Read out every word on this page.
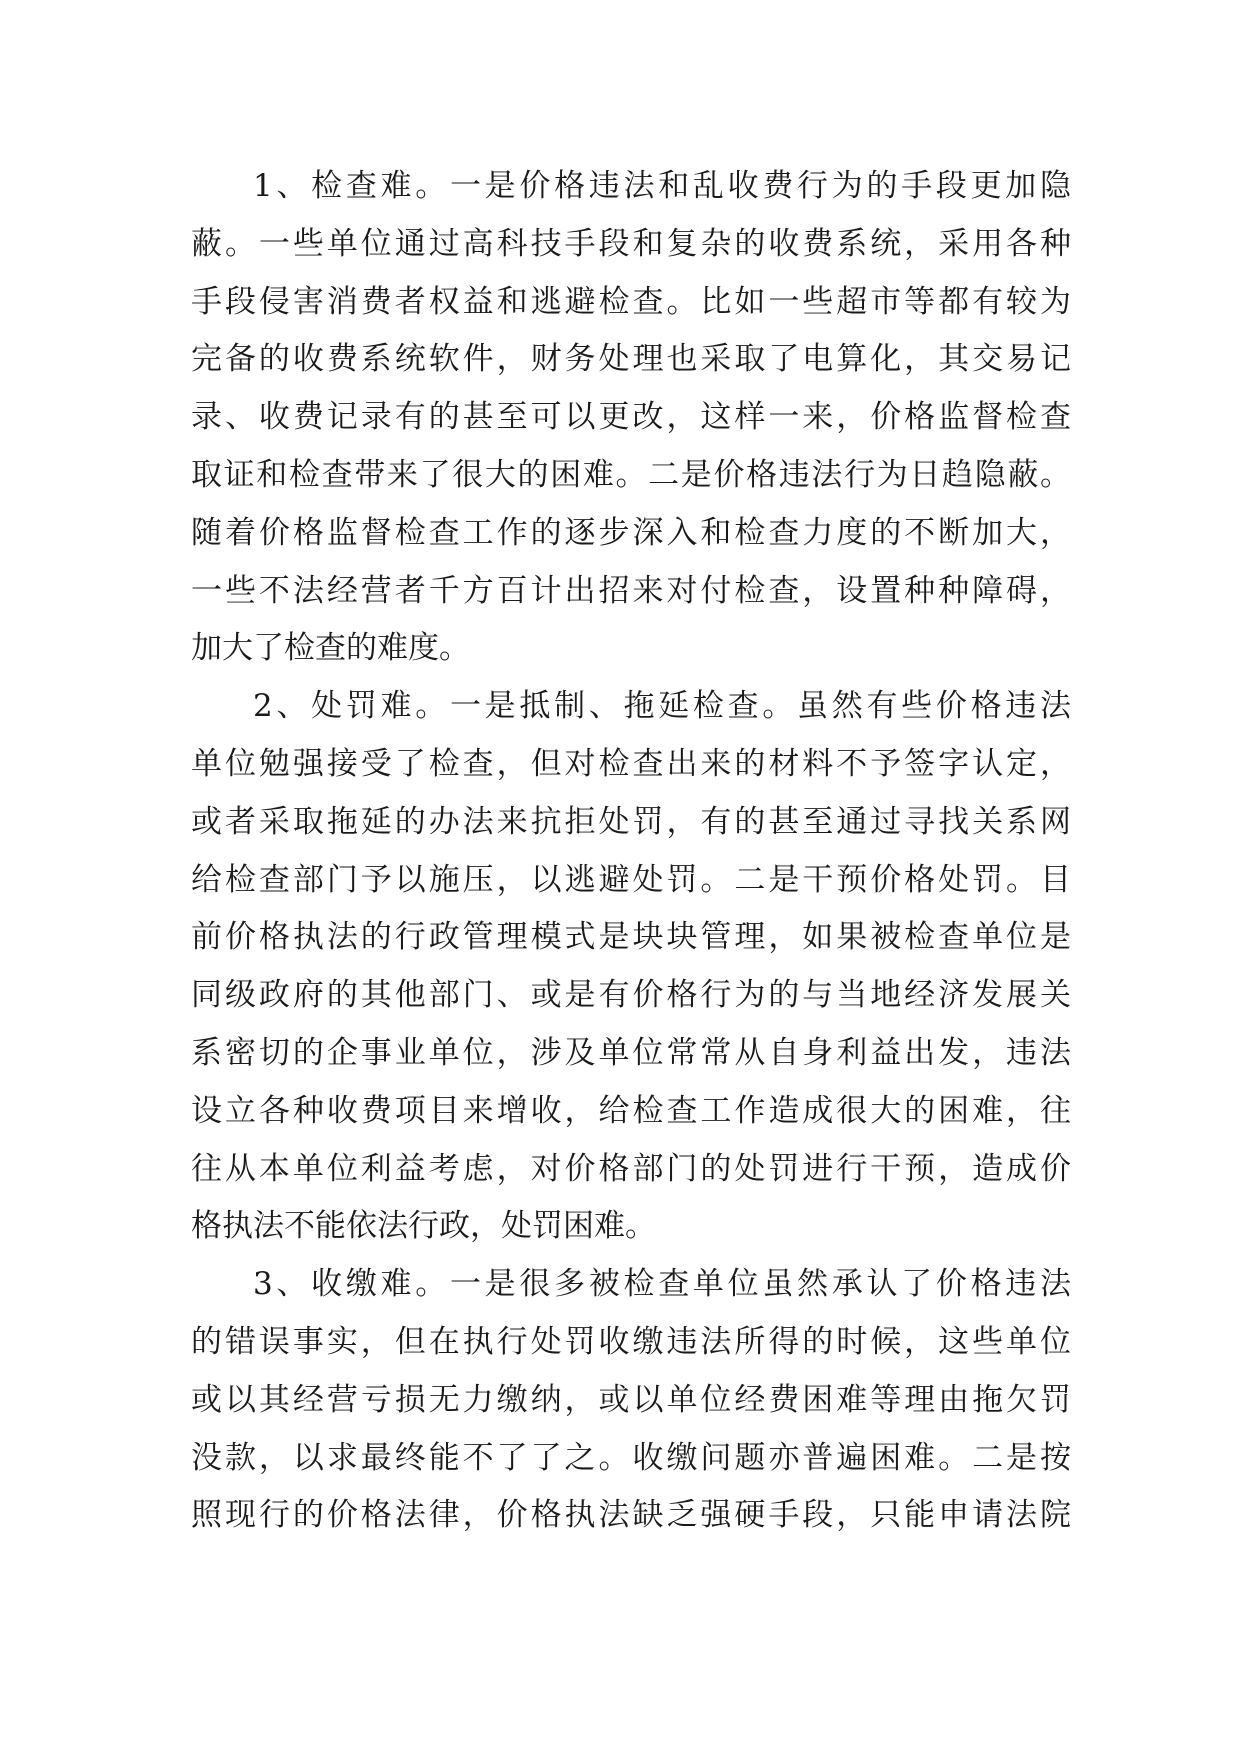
1、检查难。一是价格违法和乱收费行为的手段更加隐
蔽。一些单位通过高科技手段和复杂的收费系统，采用各种
手段侵害消费者权益和逃避检查。比如一些超市等都有较为
完备的收费系统软件，财务处理也采取了电算化，其交易记
录、收费记录有的甚至可以更改，这样一来，价格监督检查
取证和检查带来了很大的困难。二是价格违法行为日趋隐蔽。
随着价格监督检查工作的逐步深入和检查力度的不断加大，
一些不法经营者千方百计出招来对付检查，设置种种障碍，
加大了检查的难度。
2、处罚难。一是抵制、拖延检查。虽然有些价格违法
单位勉强接受了检查，但对检查出来的材料不予签字认定，
或者采取拖延的办法来抗拒处罚，有的甚至通过寻找关系网
给检查部门予以施压，以逃避处罚。二是干预价格处罚。目
前价格执法的行政管理模式是块块管理，如果被检查单位是
同级政府的其他部门、或是有价格行为的与当地经济发展关
系密切的企事业单位，涉及单位常常从自身利益出发，违法
设立各种收费项目来增收，给检查工作造成很大的困难，往
往从本单位利益考虑，对价格部门的处罚进行干预，造成价
格执法不能依法行政，处罚困难。
3、收缴难。一是很多被检查单位虽然承认了价格违法
的错误事实，但在执行处罚收缴违法所得的时候，这些单位
或以其经营亏损无力缴纳，或以单位经费困难等理由拖欠罚
没款，以求最终能不了了之。收缴问题亦普遍困难。二是按
照现行的价格法律，价格执法缺乏强硬手段，只能申请法院
